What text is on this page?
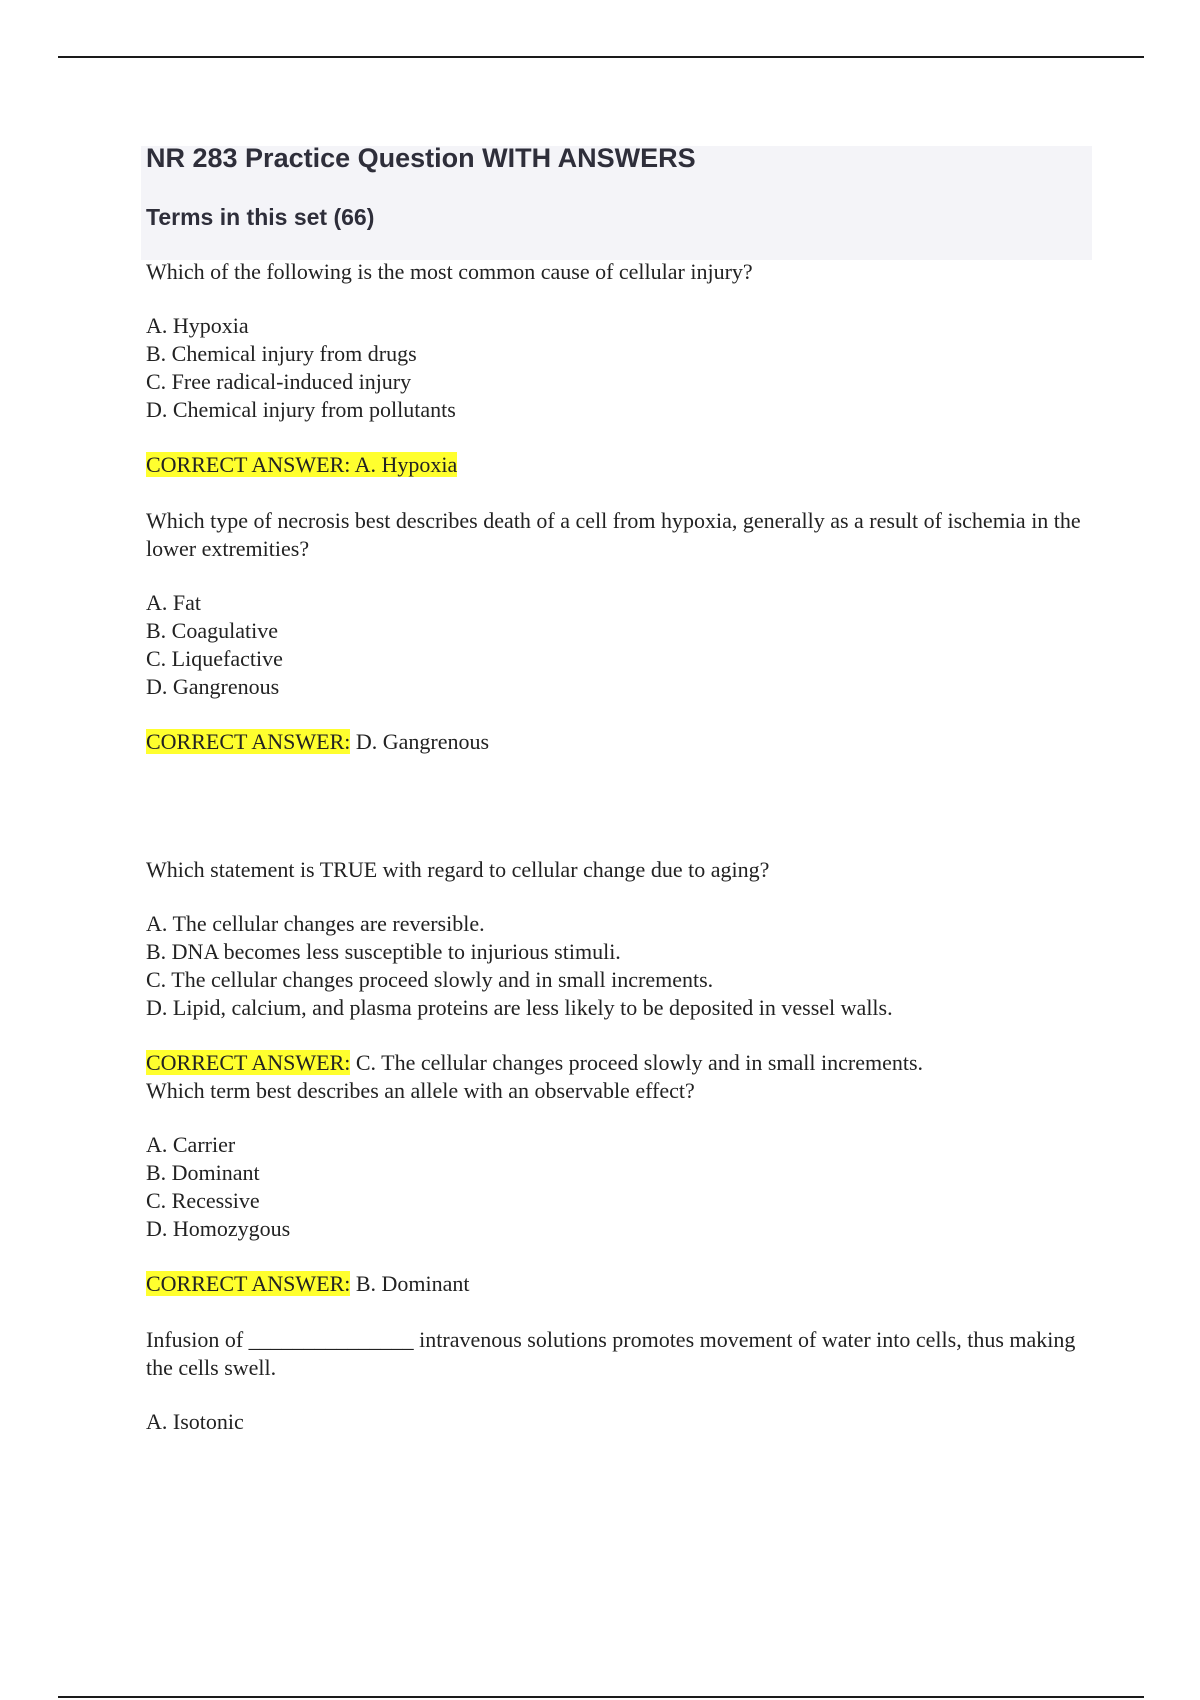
NR 283 Practice Question WITH ANSWERS
Terms in this set (66)

Which of the following is the most common cause of cellular injury?

A. Hypoxia
B. Chemical injury from drugs
C. Free radical-induced injury
D. Chemical injury from pollutants

CORRECT ANSWER: A. Hypoxia

Which type of necrosis best describes death of a cell from hypoxia, generally as a result of ischemia in the lower extremities?

A. Fat
B. Coagulative
C. Liquefactive
D. Gangrenous

CORRECT ANSWER: D. Gangrenous

Which statement is TRUE with regard to cellular change due to aging?

A. The cellular changes are reversible.
B. DNA becomes less susceptible to injurious stimuli.
C. The cellular changes proceed slowly and in small increments.
D. Lipid, calcium, and plasma proteins are less likely to be deposited in vessel walls.

CORRECT ANSWER: C. The cellular changes proceed slowly and in small increments.

Which term best describes an allele with an observable effect?

A. Carrier
B. Dominant
C. Recessive
D. Homozygous

CORRECT ANSWER: B. Dominant

Infusion of _______________ intravenous solutions promotes movement of water into cells, thus making the cells swell.

A. Isotonic
